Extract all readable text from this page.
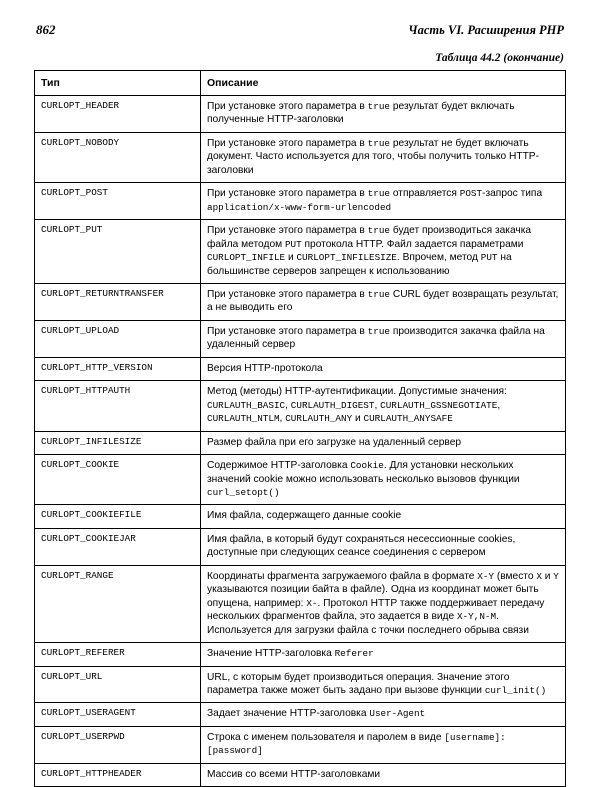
862	Часть VI. Расширения PHP
Таблица 44.2 (окончание)
Тип	Описание
CURLOPT_HEADER	При установке этого параметра в true результат будет включать полученные HTTP-заголовки
CURLOPT_NOBODY	При установке этого параметра в true результат не будет включать документ. Часто используется для того, чтобы получить только HTTP-заголовки
CURLOPT_POST	При установке этого параметра в true отправляется POST-запрос типа application/x-www-form-urlencoded
CURLOPT_PUT	При установке этого параметра в true будет производиться закачка файла методом PUT протокола HTTP. Файл задается параметрами CURLOPT_INFILE и CURLOPT_INFILESIZE. Впрочем, метод PUT на большинстве серверов запрещен к использованию
CURLOPT_RETURNTRANSFER	При установке этого параметра в true CURL будет возвращать результат, а не выводить его
CURLOPT_UPLOAD	При установке этого параметра в true производится закачка файла на удаленный сервер
CURLOPT_HTTP_VERSION	Версия HTTP-протокола
CURLOPT_HTTPAUTH	Метод (методы) HTTP-аутентификации. Допустимые значения: CURLAUTH_BASIC, CURLAUTH_DIGEST, CURLAUTH_GSSNEGOTIATE, CURLAUTH_NTLM, CURLAUTH_ANY и CURLAUTH_ANYSAFE
CURLOPT_INFILESIZE	Размер файла при его загрузке на удаленный сервер
CURLOPT_COOKIE	Содержимое HTTP-заголовка Cookie. Для установки нескольких значений cookie можно использовать несколько вызовов функции curl_setopt()
CURLOPT_COOKIEFILE	Имя файла, содержащего данные cookie
CURLOPT_COOKIEJAR	Имя файла, в который будут сохраняться несессионные cookies, доступные при следующих сеансе соединения с сервером
CURLOPT_RANGE	Координаты фрагмента загружаемого файла в формате X-Y (вместо X и Y указываются позиции байта в файле). Одна из координат может быть опущена, например: X-. Протокол HTTP также поддерживает передачу нескольких фрагментов файла, это задается в виде X-Y,N-M. Используется для загрузки файла с точки последнего обрыва связи
CURLOPT_REFERER	Значение HTTP-заголовка Referer
CURLOPT_URL	URL, с которым будет производиться операция. Значение этого параметра также может быть задано при вызове функции curl_init()
CURLOPT_USERAGENT	Задает значение HTTP-заголовка User-Agent
CURLOPT_USERPWD	Строка с именем пользователя и паролем в виде [username]:[password]
CURLOPT_HTTPHEADER	Массив со всеми HTTP-заголовками
